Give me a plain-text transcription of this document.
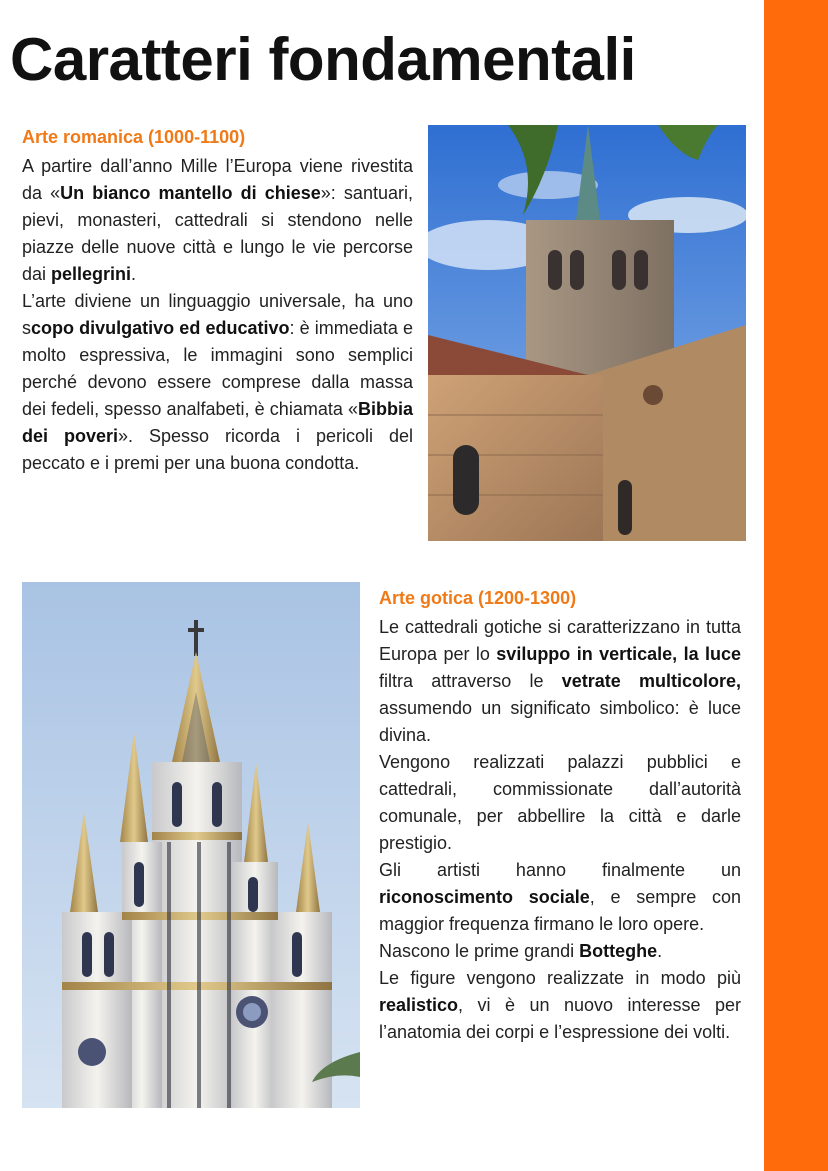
Caratteri fondamentali
Arte romanica (1000-1100)

A partire dall’anno Mille l’Europa viene rivestita da «Un bianco mantello di chiese»: santuari, pievi, monasteri, cattedrali si stendono nelle piazze delle nuove città e lungo le vie percorse dai pellegrini.

L’arte diviene un linguaggio universale, ha uno scopo divulgativo ed educativo: è immediata e molto espressiva, le immagini sono semplici perché devono essere comprese dalla massa dei fedeli, spesso analfabeti, è chiamata «Bibbia dei poveri». Spesso ricorda i pericoli del peccato e i premi per una buona condotta.

Arte gotica (1200-1300)

Le cattedrali gotiche si caratterizzano in tutta Europa per lo sviluppo in verticale, la luce filtra attraverso le vetrate multicolore, assumendo un significato simbolico: è luce divina.

Vengono realizzati palazzi pubblici e cattedrali, commissionate dall’autorità comunale, per abbellire la città e darle prestigio.

Gli artisti hanno finalmente un riconoscimento sociale, e sempre con maggior frequenza firmano le loro opere.

Nascono le prime grandi Botteghe.

Le figure vengono realizzate in modo più realistico, vi è un nuovo interesse per l’anatomia dei corpi e l’espressione dei volti.
